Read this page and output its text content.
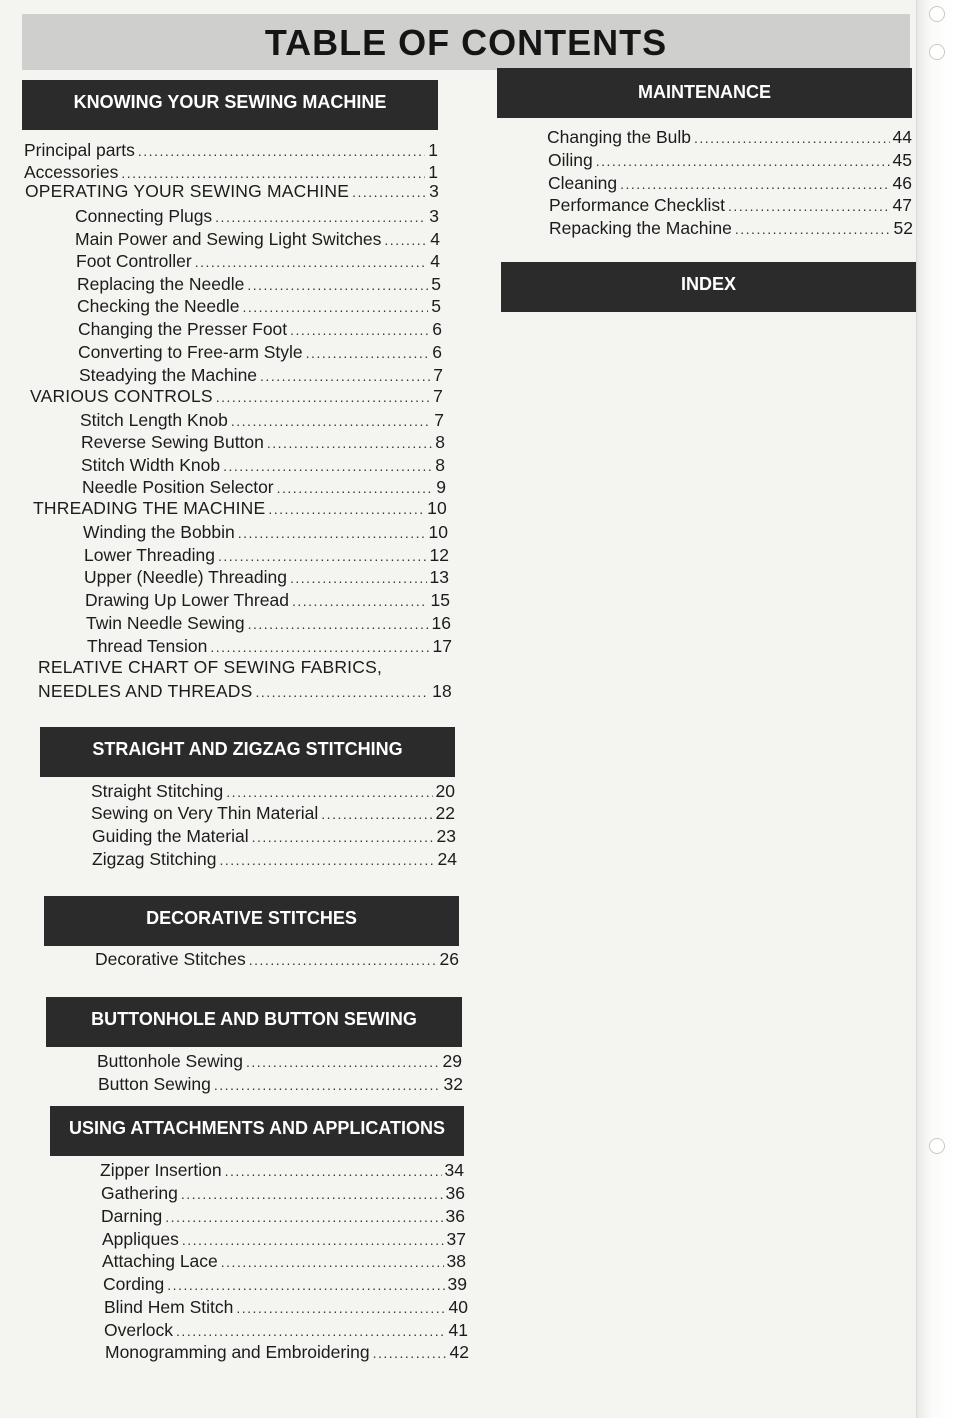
TABLE OF CONTENTS
KNOWING YOUR SEWING MACHINE
Principal parts .....	1
Accessories .....	1
OPERATING YOUR SEWING MACHINE .....	3
Connecting Plugs .....	3
Main Power and Sewing Light Switches .....	4
Foot Controller .....	4
Replacing the Needle .....	5
Checking the Needle .....	5
Changing the Presser Foot .....	6
Converting to Free-arm Style .....	6
Steadying the Machine .....	7
VARIOUS CONTROLS .....	7
Stitch Length Knob .....	7
Reverse Sewing Button .....	8
Stitch Width Knob .....	8
Needle Position Selector .....	9
THREADING THE MACHINE .....	10
Winding the Bobbin .....	10
Lower Threading .....	12
Upper (Needle) Threading .....	13
Drawing Up Lower Thread .....	15
Twin Needle Sewing .....	16
Thread Tension .....	17
RELATIVE CHART OF SEWING FABRICS,
NEEDLES AND THREADS .....	18
STRAIGHT AND ZIGZAG STITCHING
Straight Stitching .....	20
Sewing on Very Thin Material .....	22
Guiding the Material .....	23
Zigzag Stitching .....	24
DECORATIVE STITCHES
Decorative Stitches .....	26
BUTTONHOLE AND BUTTON SEWING
Buttonhole Sewing .....	29
Button Sewing .....	32
USING ATTACHMENTS AND APPLICATIONS
Zipper Insertion .....	34
Gathering .....	36
Darning .....	36
Appliques .....	37
Attaching Lace .....	38
Cording .....	39
Blind Hem Stitch .....	40
Overlock .....	41
Monogramming and Embroidering .....	42
MAINTENANCE
Changing the Bulb .....	44
Oiling .....	45
Cleaning .....	46
Performance Checklist .....	47
Repacking the Machine .....	52
INDEX
